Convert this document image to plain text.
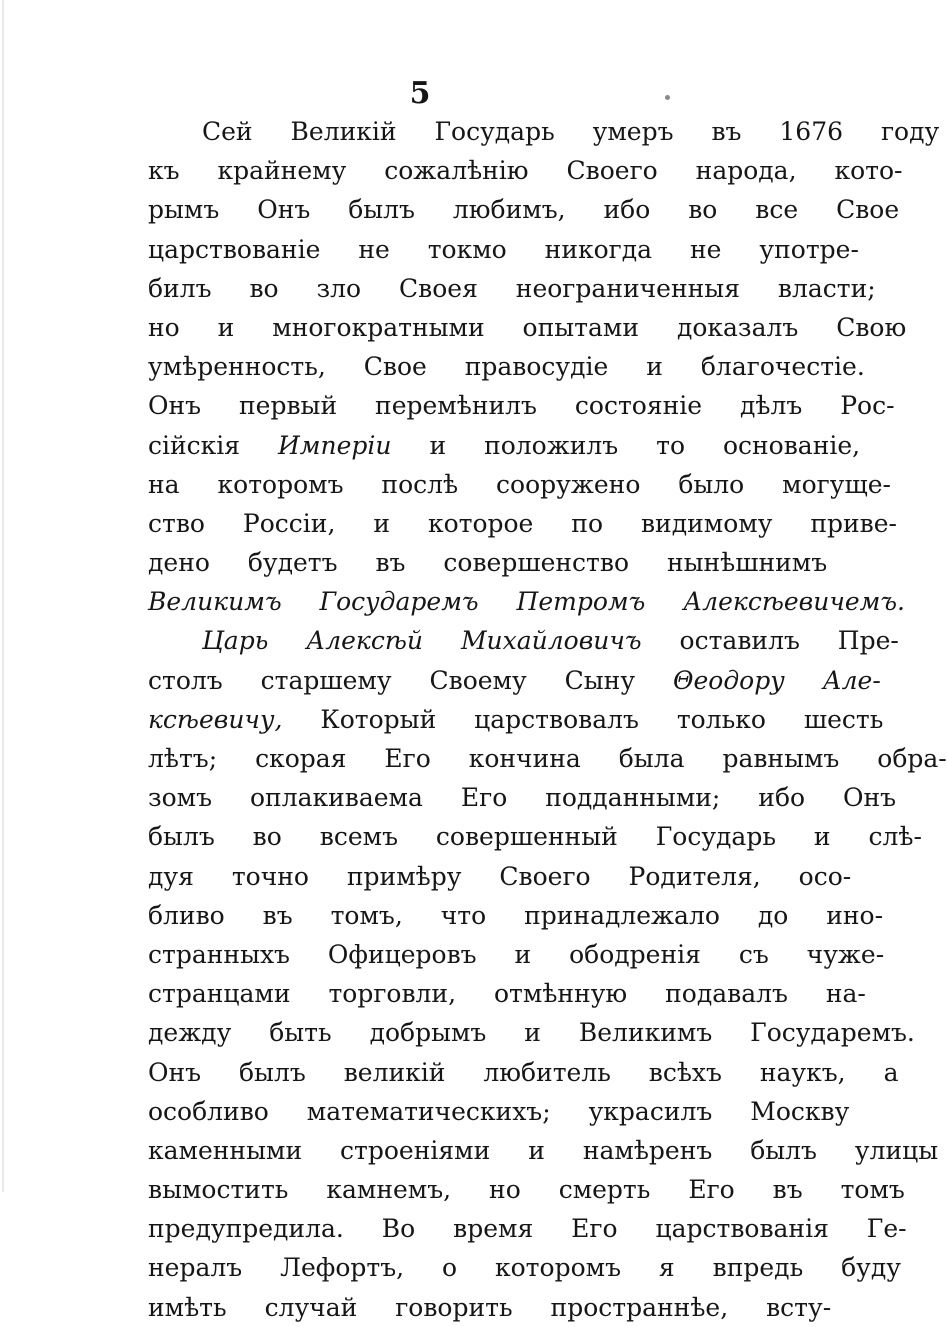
5
Сей Великій Государь умеръ въ 1676 году
къ крайнему сожалѣнію Своего народа, кото-
рымъ Онъ былъ любимъ, ибо во все Свое
царствованіе не токмо никогда не употре-
билъ во зло Своея неограниченныя власти;
но и многократными опытами доказалъ Свою
умѣренность, Свое правосудіе и благочестіе.
Онъ первый перемѣнилъ состояніе дѣлъ Рос-
сійскія Имперіи и положилъ то основаніе,
на которомъ послѣ сооружено было могуще-
ство Россіи, и которое по видимому приве-
дено будетъ въ совершенство нынѣшнимъ
Великимъ Государемъ Петромъ Алексѣевичемъ.
Царь Алексѣй Михайловичъ оставилъ Пре-
столъ старшему Своему Сыну Θеодору Але-
ксѣевичу, Который царствовалъ только шесть
лѣтъ; скорая Его кончина была равнымъ обра-
зомъ оплакиваема Его подданными; ибо Онъ
былъ во всемъ совершенный Государь и слѣ-
дуя точно примѣру Своего Родителя, осо-
бливо въ томъ, что принадлежало до ино-
странныхъ Офицеровъ и ободренія съ чуже-
странцами торговли, отмѣнную подавалъ на-
дежду быть добрымъ и Великимъ Государемъ.
Онъ былъ великій любитель всѣхъ наукъ, а
особливо математическихъ; украсилъ Москву
каменными строеніями и намѣренъ былъ улицы
вымостить камнемъ, но смерть Его въ томъ
предупредила. Во время Его царствованія Ге-
нералъ Лефортъ, о которомъ я впредь буду
имѣть случай говорить пространнѣе, всту-
